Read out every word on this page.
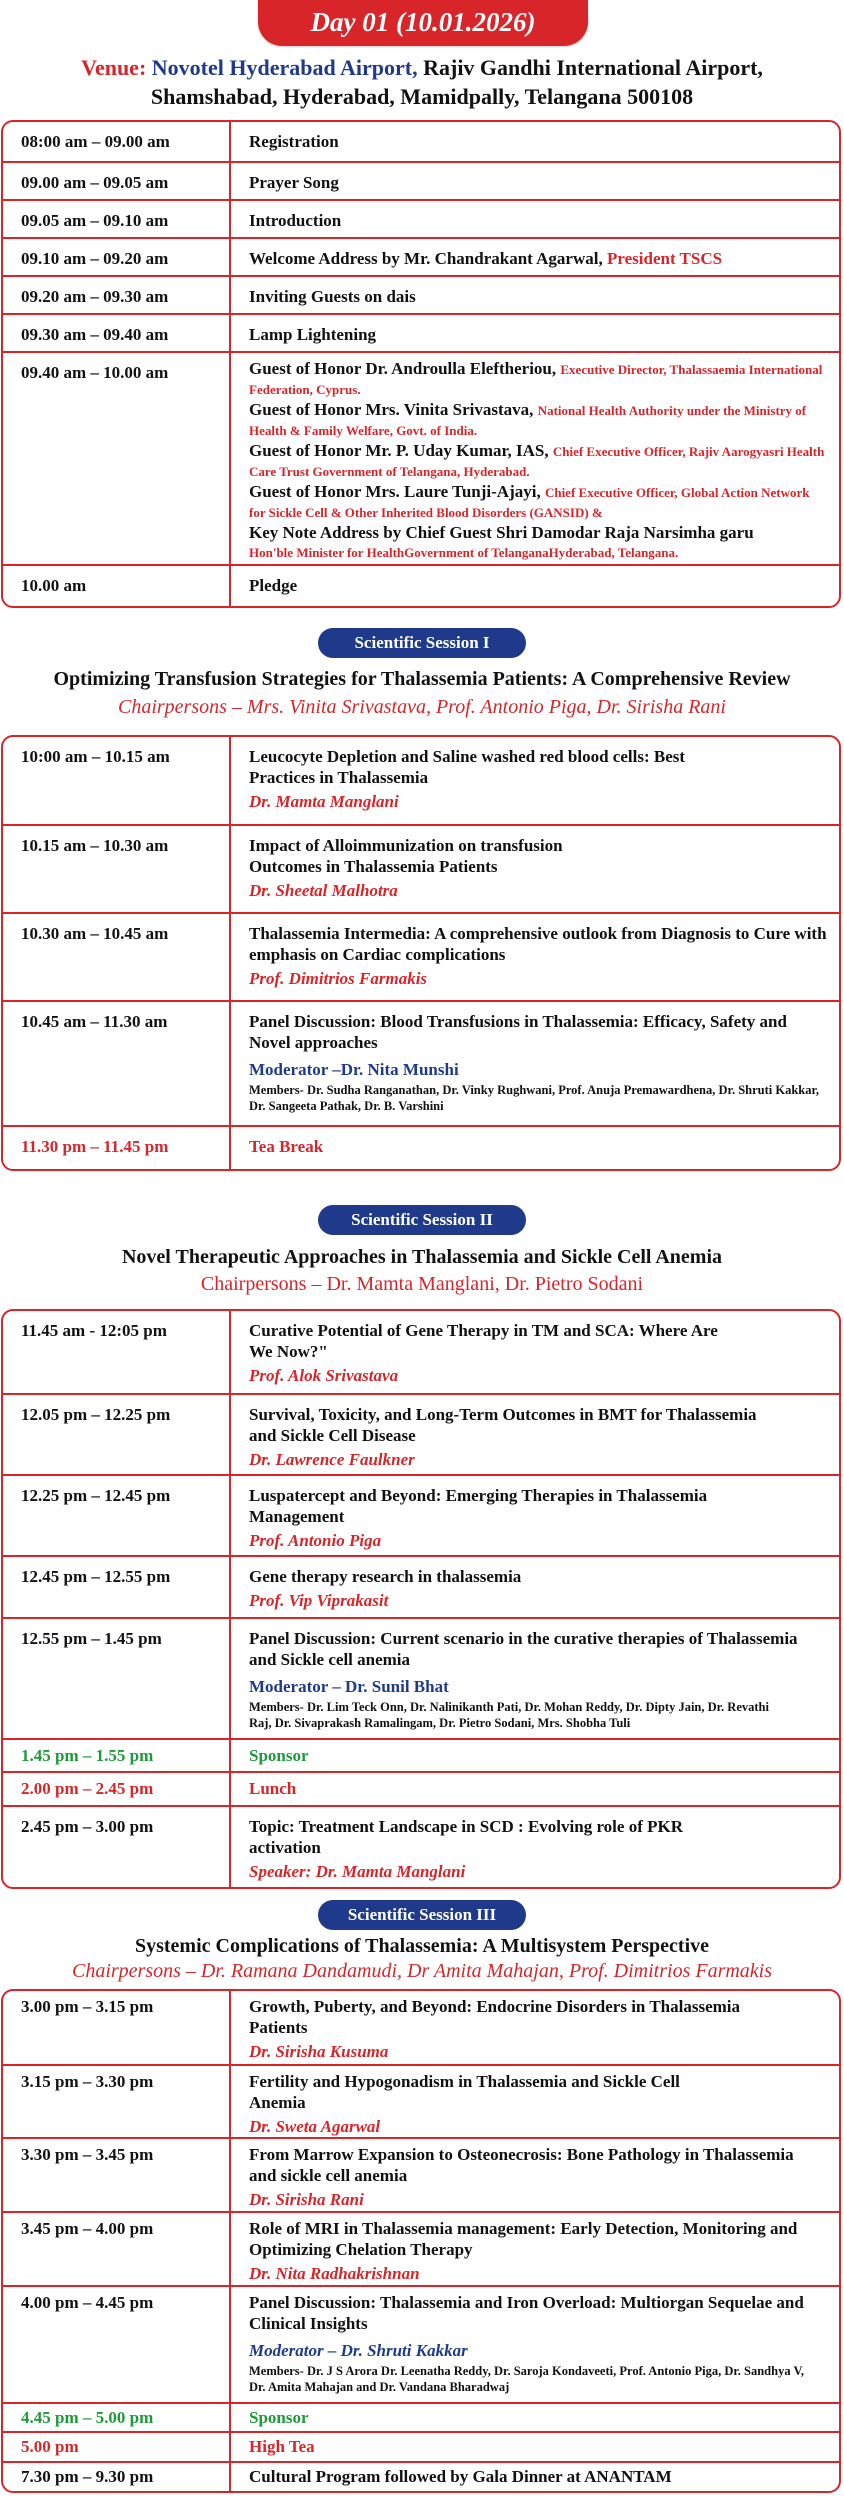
Day 01 (10.01.2026)
Venue: Novotel Hyderabad Airport, Rajiv Gandhi International Airport,
Shamshabad, Hyderabad, Mamidpally, Telangana 500108
08:00 am – 09.00 am	Registration
09.00 am – 09.05 am	Prayer Song
09.05 am – 09.10 am	Introduction
09.10 am – 09.20 am	Welcome Address by Mr. Chandrakant Agarwal, President TSCS
09.20 am – 09.30 am	Inviting Guests on dais
09.30 am – 09.40 am	Lamp Lightening
09.40 am – 10.00 am	Guest of Honor Dr. Androulla Eleftheriou, Executive Director, Thalassaemia International Federation, Cyprus.
Guest of Honor Mrs. Vinita Srivastava, National Health Authority under the Ministry of Health & Family Welfare, Govt. of India.
Guest of Honor Mr. P. Uday Kumar, IAS, Chief Executive Officer, Rajiv Aarogyasri Health Care Trust Government of Telangana, Hyderabad.
Guest of Honor Mrs. Laure Tunji-Ajayi, Chief Executive Officer, Global Action Network for Sickle Cell & Other Inherited Blood Disorders (GANSID) &
Key Note Address by Chief Guest Shri Damodar Raja Narsimha garu
Hon'ble Minister for HealthGovernment of TelanganaHyderabad, Telangana.
10.00 am	Pledge
Scientific Session I
Optimizing Transfusion Strategies for Thalassemia Patients: A Comprehensive Review
Chairpersons – Mrs. Vinita Srivastava, Prof. Antonio Piga, Dr. Sirisha Rani
10:00 am – 10.15 am	Leucocyte Depletion and Saline washed red blood cells: Best Practices in Thalassemia
Dr. Mamta Manglani
10.15 am – 10.30 am	Impact of Alloimmunization on transfusion Outcomes in Thalassemia Patients
Dr. Sheetal Malhotra
10.30 am – 10.45 am	Thalassemia Intermedia: A comprehensive outlook from Diagnosis to Cure with emphasis on Cardiac complications
Prof. Dimitrios Farmakis
10.45 am – 11.30 am	Panel Discussion: Blood Transfusions in Thalassemia: Efficacy, Safety and Novel approaches
Moderator –Dr. Nita Munshi
Members- Dr. Sudha Ranganathan, Dr. Vinky Rughwani, Prof. Anuja Premawardhena, Dr. Shruti Kakkar, Dr. Sangeeta Pathak, Dr. B. Varshini
11.30 pm – 11.45 pm	Tea Break
Scientific Session II
Novel Therapeutic Approaches in Thalassemia and Sickle Cell Anemia
Chairpersons – Dr. Mamta Manglani, Dr. Pietro Sodani
11.45 am - 12:05 pm	Curative Potential of Gene Therapy in TM and SCA: Where Are We Now?"
Prof. Alok Srivastava
12.05 pm – 12.25 pm	Survival, Toxicity, and Long-Term Outcomes in BMT for Thalassemia and Sickle Cell Disease
Dr. Lawrence Faulkner
12.25 pm – 12.45 pm	Luspatercept and Beyond: Emerging Therapies in Thalassemia Management
Prof. Antonio Piga
12.45 pm – 12.55 pm	Gene therapy research in thalassemia
Prof. Vip Viprakasit
12.55 pm – 1.45 pm	Panel Discussion: Current scenario in the curative therapies of Thalassemia and Sickle cell anemia
Moderator – Dr. Sunil Bhat
Members- Dr. Lim Teck Onn, Dr. Nalinikanth Pati, Dr. Mohan Reddy, Dr. Dipty Jain, Dr. Revathi Raj, Dr. Sivaprakash Ramalingam, Dr. Pietro Sodani, Mrs. Shobha Tuli
1.45 pm – 1.55 pm	Sponsor
2.00 pm – 2.45 pm	Lunch
2.45 pm – 3.00 pm	Topic: Treatment Landscape in SCD : Evolving role of PKR activation
Speaker: Dr. Mamta Manglani
Scientific Session III
Systemic Complications of Thalassemia: A Multisystem Perspective
Chairpersons – Dr. Ramana Dandamudi, Dr Amita Mahajan, Prof. Dimitrios Farmakis
3.00 pm – 3.15 pm	Growth, Puberty, and Beyond: Endocrine Disorders in Thalassemia Patients
Dr. Sirisha Kusuma
3.15 pm – 3.30 pm	Fertility and Hypogonadism in Thalassemia and Sickle Cell Anemia
Dr. Sweta Agarwal
3.30 pm – 3.45 pm	From Marrow Expansion to Osteonecrosis: Bone Pathology in Thalassemia and sickle cell anemia
Dr. Sirisha Rani
3.45 pm – 4.00 pm	Role of MRI in Thalassemia management: Early Detection, Monitoring and Optimizing Chelation Therapy
Dr. Nita Radhakrishnan
4.00 pm – 4.45 pm	Panel Discussion: Thalassemia and Iron Overload: Multiorgan Sequelae and Clinical Insights
Moderator – Dr. Shruti Kakkar
Members- Dr. J S Arora Dr. Leenatha Reddy, Dr. Saroja Kondaveeti, Prof. Antonio Piga, Dr. Sandhya V, Dr. Amita Mahajan and Dr. Vandana Bharadwaj
4.45 pm – 5.00 pm	Sponsor
5.00 pm	High Tea
7.30 pm – 9.30 pm	Cultural Program followed by Gala Dinner at ANANTAM
